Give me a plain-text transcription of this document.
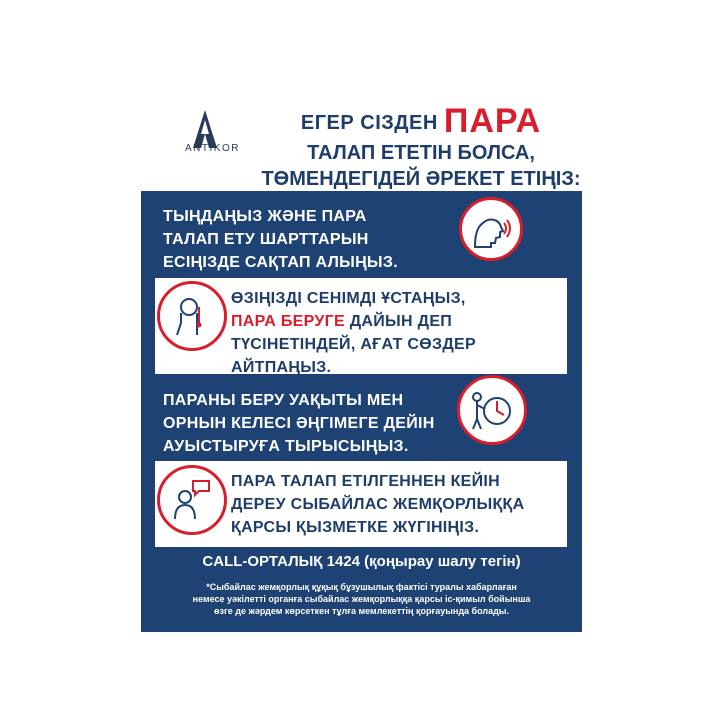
ANTIKOR
ЕГЕР СІЗДЕН ПАРА
ТАЛАП ЕТЕТІН БОЛСА,
ТӨМЕНДЕГІДЕЙ ӘРЕКЕТ ЕТІҢІЗ:
ТЫҢДАҢЫЗ ЖӘНЕ ПАРА
ТАЛАП ЕТУ ШАРТТАРЫН
ЕСІҢІЗДЕ САҚТАП АЛЫҢЫЗ.
ӨЗІҢІЗДІ СЕНІМДІ ҰСТАҢЫЗ,
ПАРА БЕРУГЕ ДАЙЫН ДЕП
ТҮСІНЕТІНДЕЙ, АҒАТ СӨЗДЕР
АЙТПАҢЫЗ.
ПАРАНЫ БЕРУ УАҚЫТЫ МЕН
ОРНЫН КЕЛЕСІ ӘҢГІМЕГЕ ДЕЙІН
АУЫСТЫРУҒА ТЫРЫСЫҢЫЗ.
ПАРА ТАЛАП ЕТІЛГЕННЕН КЕЙІН
ДЕРЕУ СЫБАЙЛАС ЖЕМҚОРЛЫҚҚА
ҚАРСЫ ҚЫЗМЕТКЕ ЖҮГІНІҢІЗ.
CALL-ОРТАЛЫҚ 1424 (қоңырау шалу тегін)
*Сыбайлас жемқорлық құқық бұзушылық фактісі туралы хабарлаған
немесе уәкілетті органға сыбайлас жемқорлыққа қарсы іс-қимыл бойынша
өзге де жәрдем көрсеткен тұлға мемлекеттің қорғауында болады.
